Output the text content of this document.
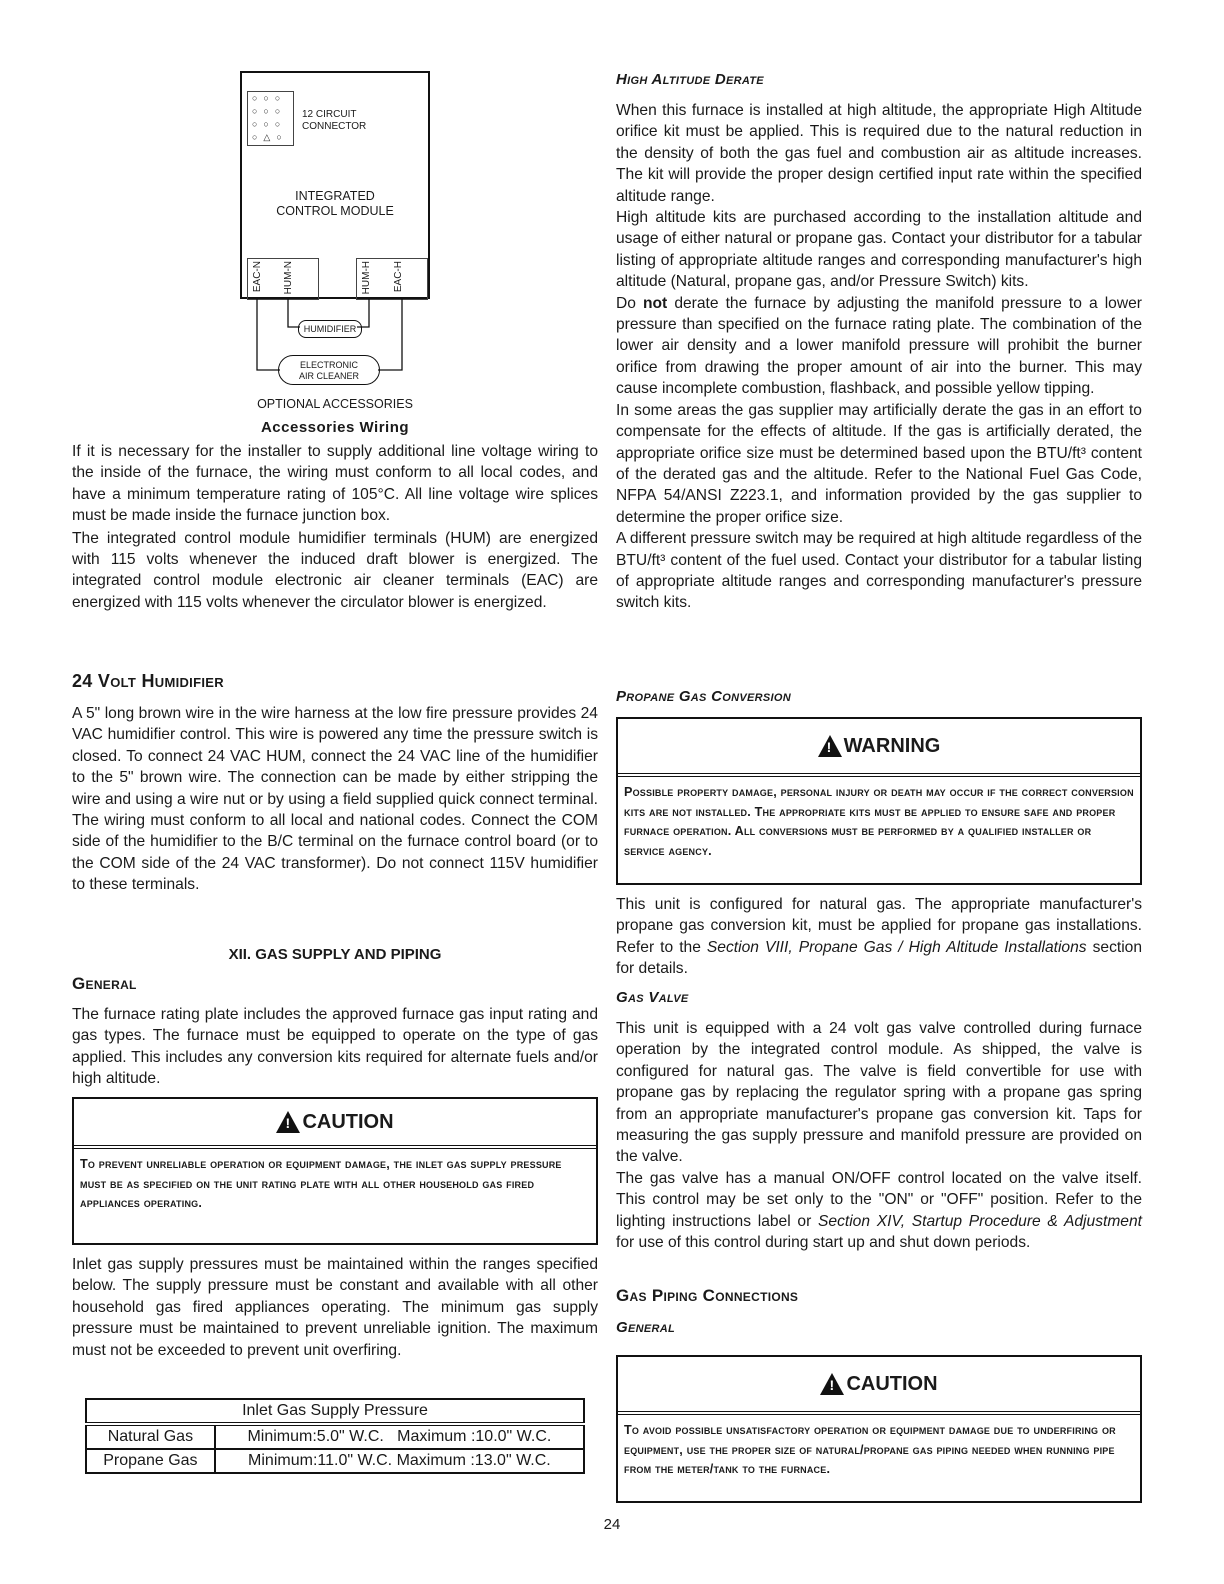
○○○
○○○
○○○
○△○
12 CIRCUIT
CONNECTOR
INTEGRATED
CONTROL MODULE
EAC-N HUM-N	HUM-H EAC-H
HUMIDIFIER
ELECTRONIC
AIR CLEANER
OPTIONAL ACCESSORIES
Accessories Wiring

If it is necessary for the installer to supply additional line voltage wiring to the inside of the furnace, the wiring must conform to all local codes, and have a minimum temperature rating of 105°C. All line voltage wire splices must be made inside the furnace junction box.

The integrated control module humidifier terminals (HUM) are energized with 115 volts whenever the induced draft blower is energized. The integrated control module electronic air cleaner terminals (EAC) are energized with 115 volts whenever the circulator blower is energized.

24 Volt Humidifier

A 5" long brown wire in the wire harness at the low fire pressure provides 24 VAC humidifier control. This wire is powered any time the pressure switch is closed. To connect 24 VAC HUM, connect the 24 VAC line of the humidifier to the 5" brown wire. The connection can be made by either stripping the wire and using a wire nut or by using a field supplied quick connect terminal. The wiring must conform to all local and national codes. Connect the COM side of the humidifier to the B/C terminal on the furnace control board (or to the COM side of the 24 VAC transformer). Do not connect 115V humidifier to these terminals.

XII. GAS SUPPLY AND PIPING
General

The furnace rating plate includes the approved furnace gas input rating and gas types. The furnace must be equipped to operate on the type of gas applied. This includes any conversion kits required for alternate fuels and/or high altitude.

! CAUTION
To prevent unreliable operation or equipment damage, the inlet gas supply pressure must be as specified on the unit rating plate with all other household gas fired appliances operating.

Inlet gas supply pressures must be maintained within the ranges specified below. The supply pressure must be constant and available with all other household gas fired appliances operating. The minimum gas supply pressure must be maintained to prevent unreliable ignition. The maximum must not be exceeded to prevent unit overfiring.

Inlet Gas Supply Pressure	
Natural Gas	Minimum:5.0" W.C.   Maximum :10.0" W.C.
Propane Gas	Minimum:11.0" W.C. Maximum :13.0" W.C.
High Altitude Derate

When this furnace is installed at high altitude, the appropriate High Altitude orifice kit must be applied. This is required due to the natural reduction in the density of both the gas fuel and combustion air as altitude increases. The kit will provide the proper design certified input rate within the specified altitude range.

High altitude kits are purchased according to the installation altitude and usage of either natural or propane gas. Contact your distributor for a tabular listing of appropriate altitude ranges and corresponding manufacturer's high altitude (Natural, propane gas, and/or Pressure Switch) kits.

Do not derate the furnace by adjusting the manifold pressure to a lower pressure than specified on the furnace rating plate. The combination of the lower air density and a lower manifold pressure will prohibit the burner orifice from drawing the proper amount of air into the burner. This may cause incomplete combustion, flashback, and possible yellow tipping.

In some areas the gas supplier may artificially derate the gas in an effort to compensate for the effects of altitude. If the gas is artificially derated, the appropriate orifice size must be determined based upon the BTU/ft³ content of the derated gas and the altitude. Refer to the National Fuel Gas Code, NFPA 54/ANSI Z223.1, and information provided by the gas supplier to determine the proper orifice size.

A different pressure switch may be required at high altitude regardless of the BTU/ft³ content of the fuel used. Contact your distributor for a tabular listing of appropriate altitude ranges and corresponding manufacturer's pressure switch kits.

Propane Gas Conversion
! WARNING
Possible property damage, personal injury or death may occur if the correct conversion kits are not installed. The appropriate kits must be applied to ensure safe and proper furnace operation. All conversions must be performed by a qualified installer or service agency.

This unit is configured for natural gas. The appropriate manufacturer's propane gas conversion kit, must be applied for propane gas installations. Refer to the Section VIII, Propane Gas / High Altitude Installations section for details.

Gas Valve

This unit is equipped with a 24 volt gas valve controlled during furnace operation by the integrated control module. As shipped, the valve is configured for natural gas. The valve is field convertible for use with propane gas by replacing the regulator spring with a propane gas spring from an appropriate manufacturer's propane gas conversion kit. Taps for measuring the gas supply pressure and manifold pressure are provided on the valve.

The gas valve has a manual ON/OFF control located on the valve itself. This control may be set only to the "ON" or "OFF" position. Refer to the lighting instructions label or Section XIV, Startup Procedure & Adjustment for use of this control during start up and shut down periods.

Gas Piping Connections
General
! CAUTION
To avoid possible unsatisfactory operation or equipment damage due to underfiring or equipment, use the proper size of natural/propane gas piping needed when running pipe from the meter/tank to the furnace.
24
